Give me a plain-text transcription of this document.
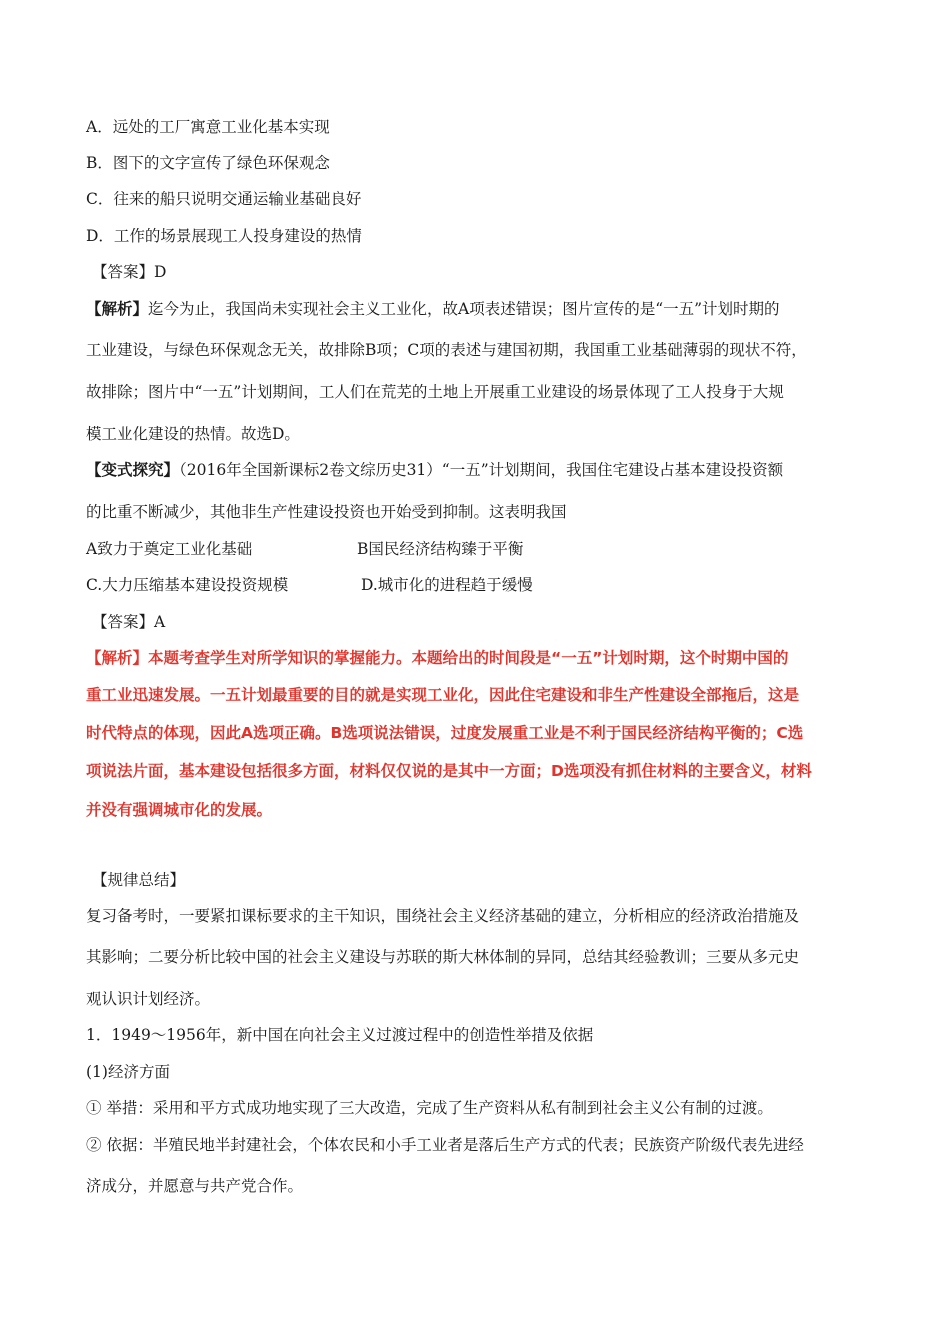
A．远处的工厂寓意工业化基本实现
B．图下的文字宣传了绿色环保观念
C．往来的船只说明交通运输业基础良好
D．工作的场景展现工人投身建设的热情
【答案】D
【解析】迄今为止，我国尚未实现社会主义工业化，故A项表述错误；图片宣传的是“一五”计划时期的
工业建设，与绿色环保观念无关，故排除B项；C项的表述与建国初期，我国重工业基础薄弱的现状不符，
故排除；图片中“一五”计划期间，工人们在荒芜的土地上开展重工业建设的场景体现了工人投身于大规
模工业化建设的热情。故选D。
【变式探究】（2016年全国新课标2卷文综历史31）“一五”计划期间，我国住宅建设占基本建设投资额
的比重不断减少，其他非生产性建设投资也开始受到抑制。这表明我国
A致力于奠定工业化基础	B国民经济结构臻于平衡
C.大力压缩基本建设投资规模	D.城市化的进程趋于缓慢
【答案】A
【解析】本题考查学生对所学知识的掌握能力。本题给出的时间段是“一五”计划时期，这个时期中国的
重工业迅速发展。一五计划最重要的目的就是实现工业化，因此住宅建设和非生产性建设全部拖后，这是
时代特点的体现，因此A选项正确。B选项说法错误，过度发展重工业是不利于国民经济结构平衡的；C选
项说法片面，基本建设包括很多方面，材料仅仅说的是其中一方面；D选项没有抓住材料的主要含义，材料
并没有强调城市化的发展。
【规律总结】
复习备考时，一要紧扣课标要求的主干知识，围绕社会主义经济基础的建立，分析相应的经济政治措施及
其影响；二要分析比较中国的社会主义建设与苏联的斯大林体制的异同，总结其经验教训；三要从多元史
观认识计划经济。
1．1949～1956年，新中国在向社会主义过渡过程中的创造性举措及依据
(1)经济方面
① 举措：采用和平方式成功地实现了三大改造，完成了生产资料从私有制到社会主义公有制的过渡。
② 依据：半殖民地半封建社会，个体农民和小手工业者是落后生产方式的代表；民族资产阶级代表先进经
济成分，并愿意与共产党合作。
